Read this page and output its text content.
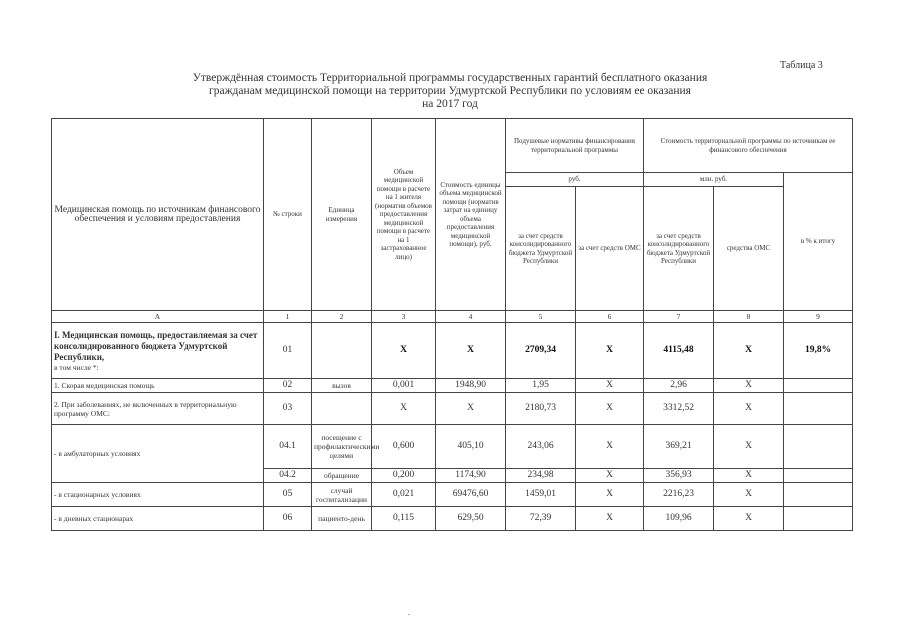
Таблица 3
Утверждённая стоимость Территориальной программы государственных гарантий бесплатного оказания
гражданам медицинской помощи на территории Удмуртской Республики по условиям ее оказания
на 2017 год
Медицинская помощь по источникам финансового обеспечения и условиям предоставления	№ строки	Единица измерения	Объем медицинской помощи в расчете на 1 жителя (норматив объемов предоставления медицинской помощи в расчете на 1 застрахованное лицо)	Стоимость единицы объема медицинской помощи (норматив затрат на единицу объема предоставления медицинской помощи), руб.	Подушевые нормативы финансирования территориальной программы		Стоимость территориальной программы по источникам ее финансового обеспечения		
					руб.		млн. руб.		в % к итогу
					за счет средств консолидированного бюджета Удмуртской Республики	за счет средств ОМС	за счет средств консолидированного бюджета Удмуртской Республики	средства ОМС	
А	1	2	3	4	5	6	7	8	9

I. Медицинская помощь, предоставляемая за счет консолидированного бюджета Удмуртской Республики,
в том числе *:	01		X	X	2709,34	X	4115,48	X	19,8%
1. Скорая медицинская помощь	02	вызов	0,001	1948,90	1,95	X	2,96	X	
2. При заболеваниях, не включенных в территориальную программу ОМС:	03		X	X	2180,73	X	3312,52	X	
- в амбулаторных условиях	04.1	посещение с профилактическими целями	0,600	405,10	243,06	X	369,21	X	
	04.2	обращение	0,200	1174,90	234,98	X	356,93	X	
- в стационарных условиях	05	случай госпитализации	0,021	69476,60	1459,01	X	2216,23	X	
- в дневных стационарах	06	пациенто-день	0,115	629,50	72,39	X	109,96	X	
.
